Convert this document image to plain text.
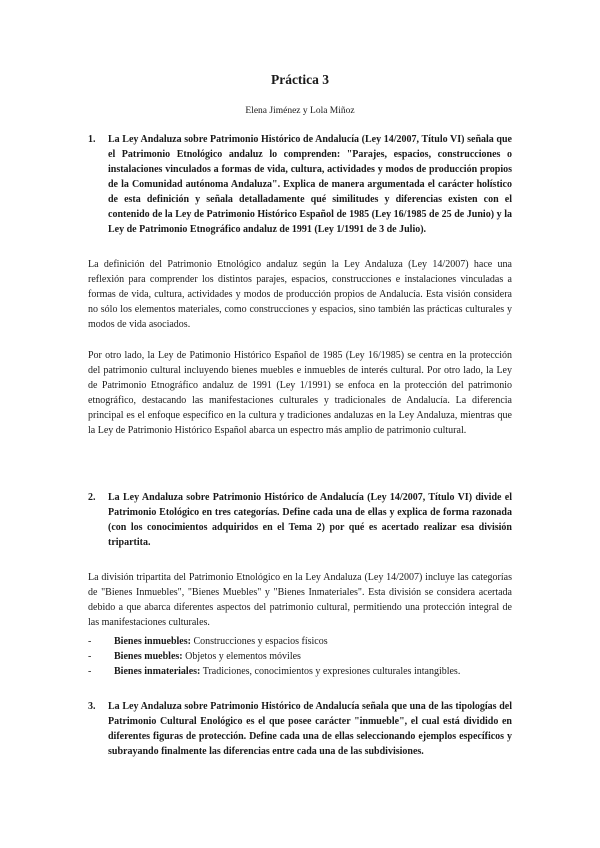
Práctica 3
Elena Jiménez y Lola Miñoz
1.	La Ley Andaluza sobre Patrimonio Histórico de Andalucía (Ley 14/2007, Título VI) señala que el Patrimonio Etnológico andaluz lo comprenden: "Parajes, espacios, construcciones o instalaciones vinculados a formas de vida, cultura, actividades y modos de producción propios de la Comunidad autónoma Andaluza". Explica de manera argumentada el carácter holístico de esta definición y señala detalladamente qué similitudes y diferencias existen con el contenido de la Ley de Patrimonio Histórico Español de 1985 (Ley 16/1985 de 25 de Junio) y la Ley de Patrimonio Etnográfico andaluz de 1991 (Ley 1/1991 de 3 de Julio).

La definición del Patrimonio Etnológico andaluz según la Ley Andaluza (Ley 14/2007) hace una reflexión para comprender los distintos parajes, espacios, construcciones e instalaciones vinculadas a formas de vida, cultura, actividades y modos de producción propios de Andalucía. Esta visión considera no sólo los elementos materiales, como construcciones y espacios, sino también las prácticas culturales y modos de vida asociados.

Por otro lado, la Ley de Patimonio Histórico Español de 1985 (Ley 16/1985) se centra en la protección del patrimonio cultural incluyendo bienes muebles e inmuebles de interés cultural. Por otro lado, la Ley de Patrimonio Etnográfico andaluz de 1991 (Ley 1/1991) se enfoca en la protección del patrimonio etnográfico, destacando las manifestaciones culturales y tradicionales de Andalucía. La diferencia principal es el enfoque específico en la cultura y tradiciones andaluzas en la Ley Andaluza, mientras que la Ley de Patrimonio Histórico Español abarca un espectro más amplio de patrimonio cultural.

2.	La Ley Andaluza sobre Patrimonio Histórico de Andalucía (Ley 14/2007, Título VI) divide el Patrimonio Etológico en tres categorías. Define cada una de ellas y explica de forma razonada (con los conocimientos adquiridos en el Tema 2) por qué es acertado realizar esa división tripartita.

La división tripartita del Patrimonio Etnológico en la Ley Andaluza (Ley 14/2007) incluye las categorías de "Bienes Inmuebles", "Bienes Muebles" y "Bienes Inmateriales". Esta división se considera acertada debido a que abarca diferentes aspectos del patrimonio cultural, permitiendo una protección integral de las manifestaciones culturales.

-	Bienes inmuebles: Construcciones y espacios físicos
-	Bienes muebles: Objetos y elementos móviles
-	Bienes inmateriales: Tradiciones, conocimientos y expresiones culturales intangibles.
3.	La Ley Andaluza sobre Patrimonio Histórico de Andalucía señala que una de las tipologías del Patrimonio Cultural Enológico es el que posee carácter "inmueble", el cual está dividido en diferentes figuras de protección. Define cada una de ellas seleccionando ejemplos específicos y subrayando finalmente las diferencias entre cada una de las subdivisiones.
